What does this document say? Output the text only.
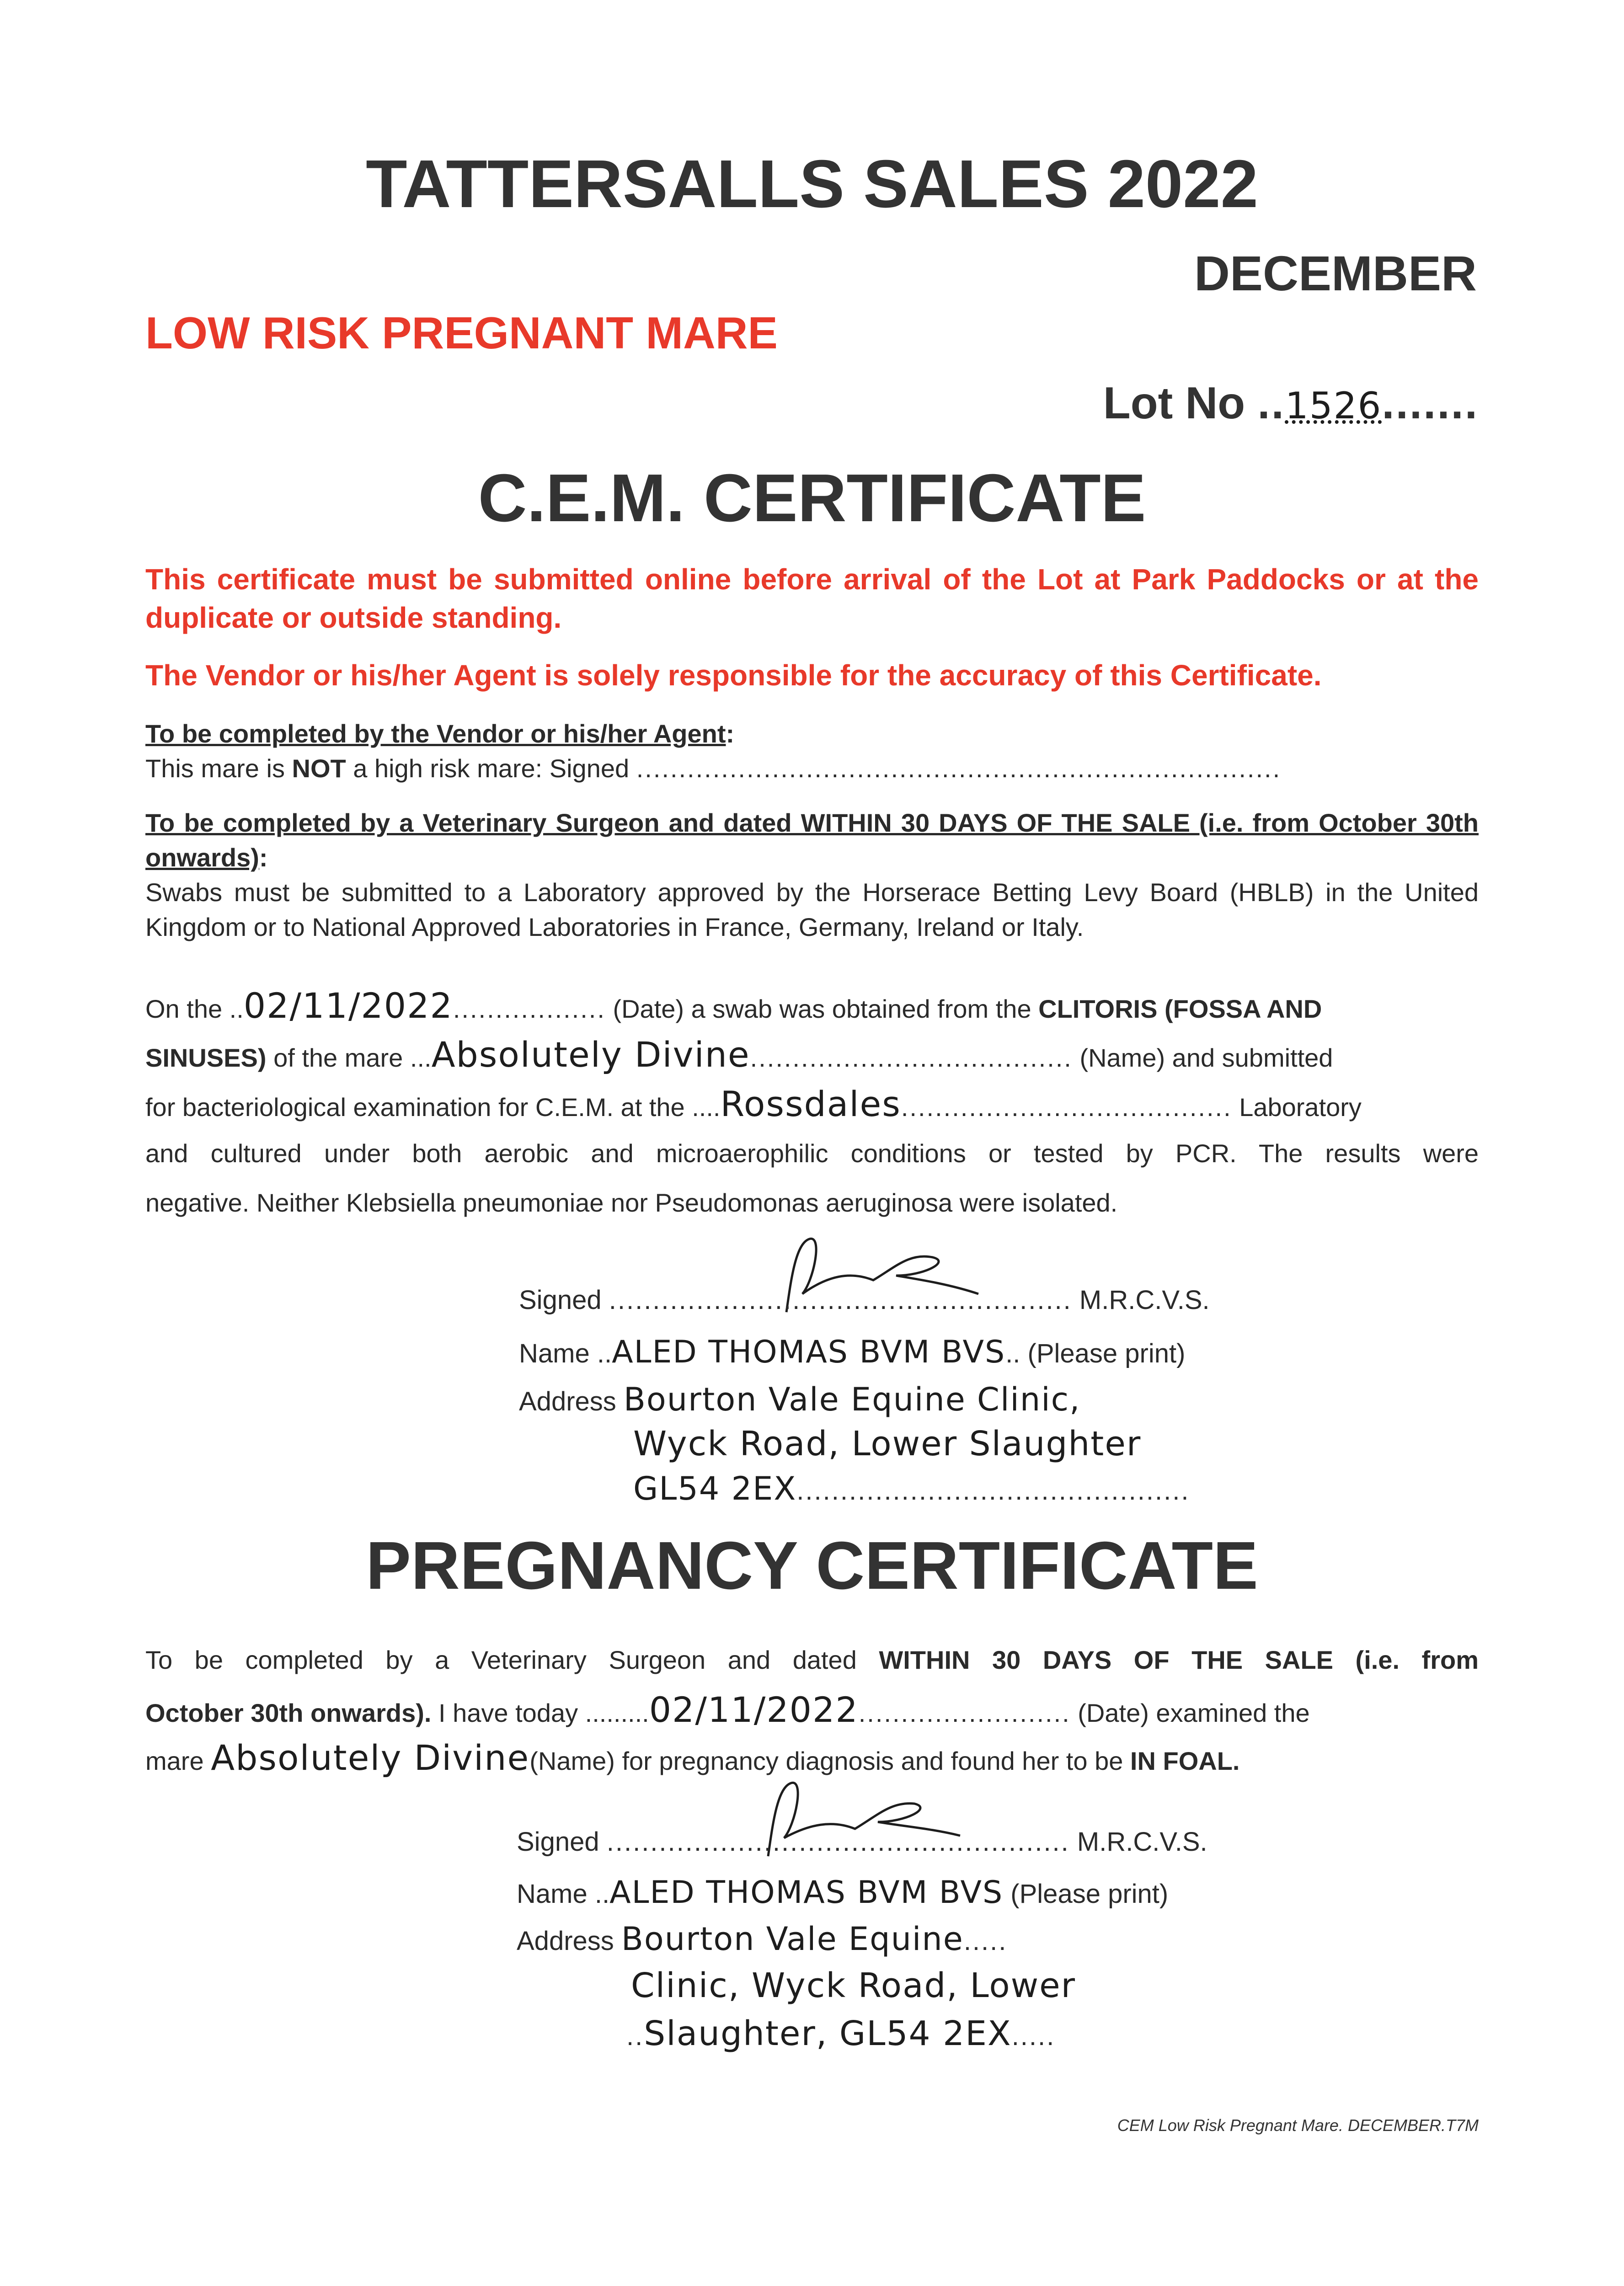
TATTERSALLS SALES 2022
DECEMBER
LOW RISK PREGNANT MARE
Lot No ..1526.......
C.E.M. CERTIFICATE
This certificate must be submitted online before arrival of the Lot at Park Paddocks or at the duplicate or outside standing.
The Vendor or his/her Agent is solely responsible for the accuracy of this Certificate.
To be completed by the Vendor or his/her Agent:
This mare is NOT a high risk mare: Signed ............................................................................
To be completed by a Veterinary Surgeon and dated WITHIN 30 DAYS OF THE SALE (i.e. from October 30th onwards):
Swabs must be submitted to a Laboratory approved by the Horserace Betting Levy Board (HBLB) in the United Kingdom or to National Approved Laboratories in France, Germany, Ireland or Italy.
On the ..02/11/2022.................. (Date) a swab was obtained from the CLITORIS (FOSSA AND
SINUSES) of the mare ...Absolutely Divine...................................... (Name) and submitted
for bacteriological examination for C.E.M. at the ....Rossdales....................................... Laboratory
and cultured under both aerobic and microaerophilic conditions or tested by PCR. The results were
negative. Neither Klebsiella pneumoniae nor Pseudomonas aeruginosa were isolated.
Signed ..................................................... M.R.C.V.S.
Name ..ALED THOMAS BVM BVS.. (Please print)
Address Bourton Vale Equine Clinic,
Wyck Road, Lower Slaughter
GL54 2EX.............................................
PREGNANCY CERTIFICATE
To be completed by a Veterinary Surgeon and dated WITHIN 30 DAYS OF THE SALE (i.e. from
October 30th onwards). I have today .........02/11/2022......................... (Date) examined the
mare Absolutely Divine(Name) for pregnancy diagnosis and found her to be IN FOAL.
Signed ..................................................... M.R.C.V.S.
Name ..ALED THOMAS BVM BVS (Please print)
Address Bourton Vale Equine.....
Clinic, Wyck Road, Lower
..Slaughter, GL54 2EX.....
CEM Low Risk Pregnant Mare. DECEMBER.T7M
